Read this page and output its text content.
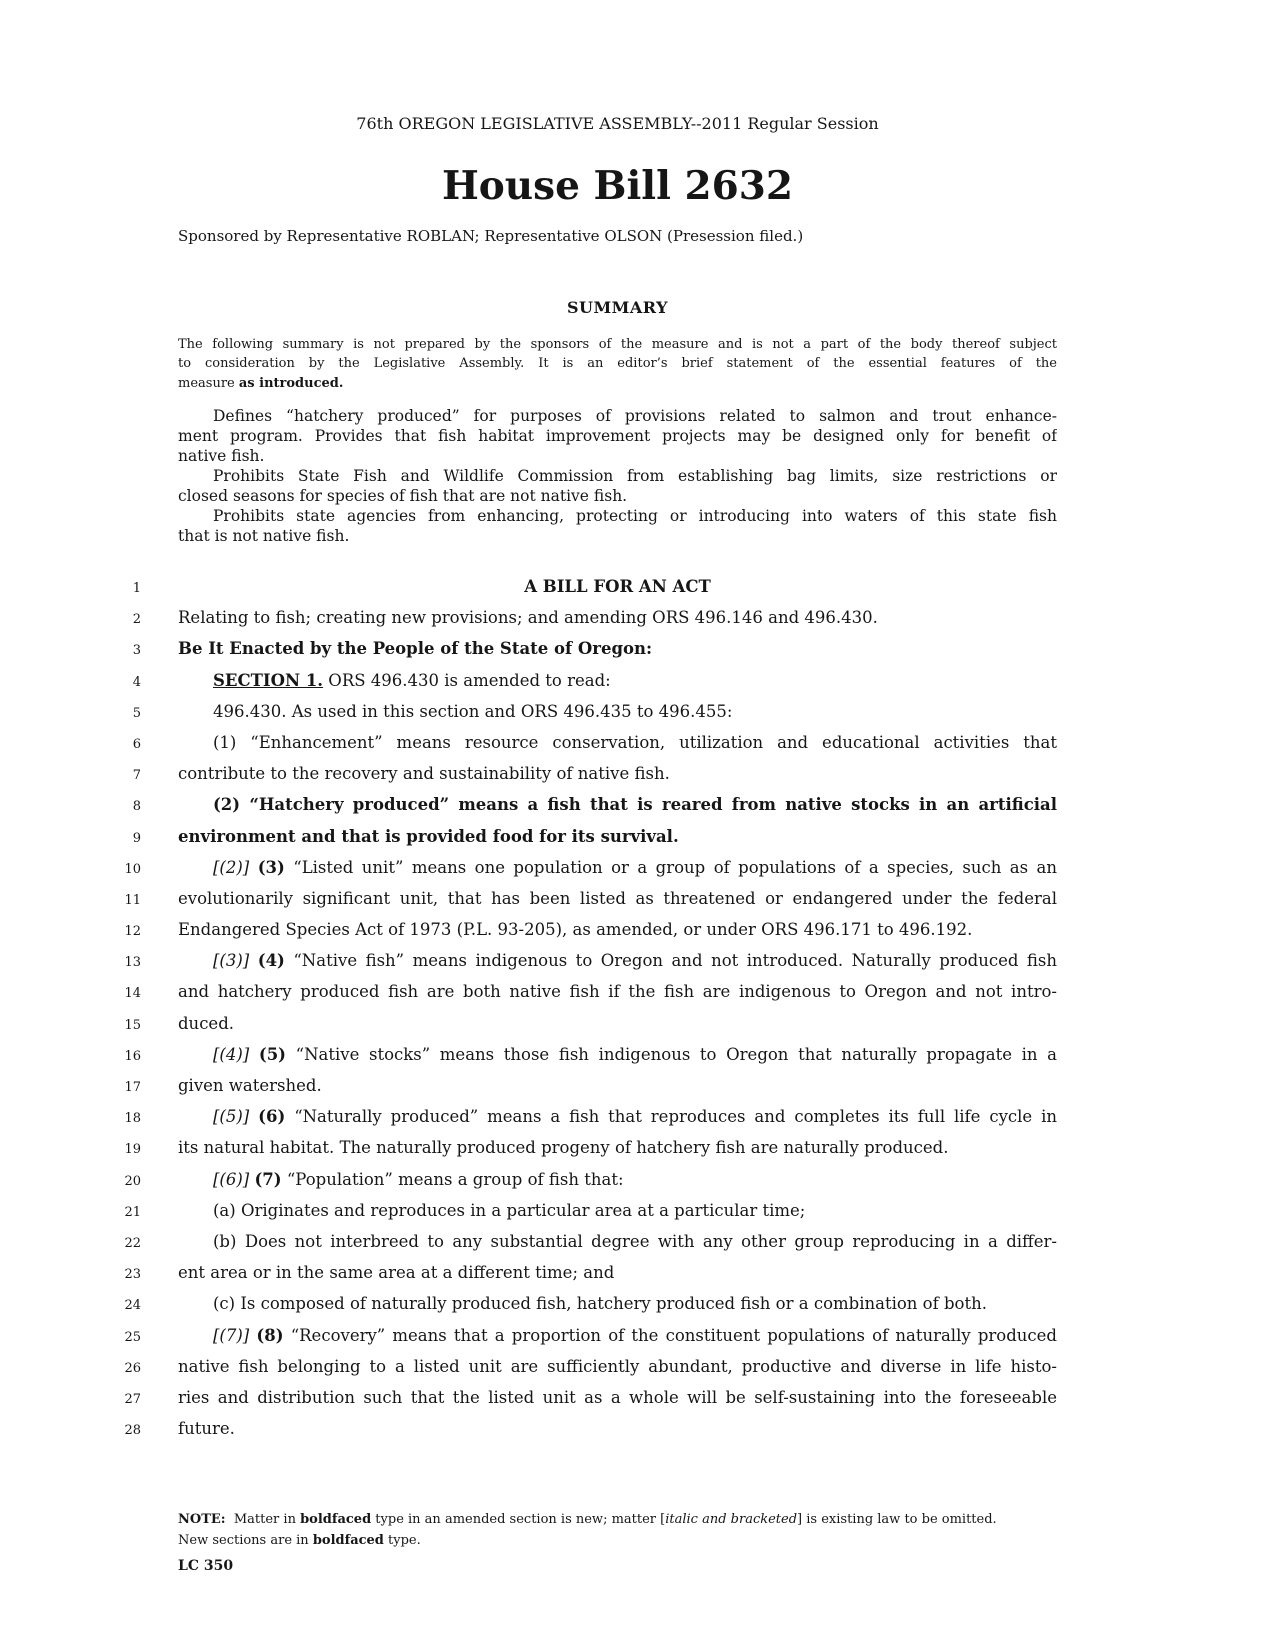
76th OREGON LEGISLATIVE ASSEMBLY--2011 Regular Session
House Bill 2632
Sponsored by Representative ROBLAN; Representative OLSON (Presession filed.)
SUMMARY
The following summary is not prepared by the sponsors of the measure and is not a part of the body thereof subject
to consideration by the Legislative Assembly. It is an editor’s brief statement of the essential features of the
measure as introduced.
Defines “hatchery produced” for purposes of provisions related to salmon and trout enhance-
ment program. Provides that fish habitat improvement projects may be designed only for benefit of
native fish.
Prohibits State Fish and Wildlife Commission from establishing bag limits, size restrictions or
closed seasons for species of fish that are not native fish.
Prohibits state agencies from enhancing, protecting or introducing into waters of this state fish
that is not native fish.
1	A BILL FOR AN ACT
2 Relating to fish; creating new provisions; and amending ORS 496.146 and 496.430.
3 Be It Enacted by the People of the State of Oregon:
4	SECTION 1. ORS 496.430 is amended to read:
5	496.430. As used in this section and ORS 496.435 to 496.455:
6	(1) “Enhancement” means resource conservation, utilization and educational activities that
7 contribute to the recovery and sustainability of native fish.
8	(2) “Hatchery produced” means a fish that is reared from native stocks in an artificial
9 environment and that is provided food for its survival.
10	[(2)] (3) “Listed unit” means one population or a group of populations of a species, such as an
11 evolutionarily significant unit, that has been listed as threatened or endangered under the federal
12 Endangered Species Act of 1973 (P.L. 93-205), as amended, or under ORS 496.171 to 496.192.
13	[(3)] (4) “Native fish” means indigenous to Oregon and not introduced. Naturally produced fish
14 and hatchery produced fish are both native fish if the fish are indigenous to Oregon and not intro-
15 duced.
16	[(4)] (5) “Native stocks” means those fish indigenous to Oregon that naturally propagate in a
17 given watershed.
18	[(5)] (6) “Naturally produced” means a fish that reproduces and completes its full life cycle in
19 its natural habitat. The naturally produced progeny of hatchery fish are naturally produced.
20	[(6)] (7) “Population” means a group of fish that:
21	(a) Originates and reproduces in a particular area at a particular time;
22	(b) Does not interbreed to any substantial degree with any other group reproducing in a differ-
23 ent area or in the same area at a different time; and
24	(c) Is composed of naturally produced fish, hatchery produced fish or a combination of both.
25	[(7)] (8) “Recovery” means that a proportion of the constituent populations of naturally produced
26 native fish belonging to a listed unit are sufficiently abundant, productive and diverse in life histo-
27 ries and distribution such that the listed unit as a whole will be self-sustaining into the foreseeable
28 future.
NOTE:  Matter in boldfaced type in an amended section is new; matter [italic and bracketed] is existing law to be omitted.
New sections are in boldfaced type.
LC 350
